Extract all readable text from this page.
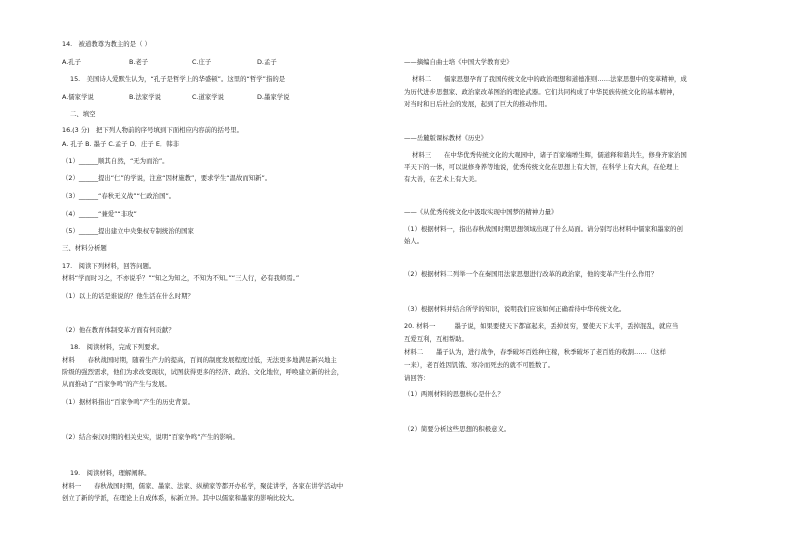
14.　被道教尊为教主的是（ ）
A.孔子	B.老子	C.庄子	D.孟子
15.　美国诗人爱默生认为，“孔子是哲学上的华盛顿”。这里的“哲学”指的是
A.儒家学说	B.法家学说	C.道家学说	D.墨家学说
二、填空
16.(3 分)　把下列人物前的序号填到下面相应内容前的括号里。
A. 孔子 B. 墨子 C.孟子 D．庄子 E．韩非
（1）______顺其自然，“无为而治”。
（2）______提出“仁”的学说，注意“因材施教”，要求学生“温故而知新”。
（3）______“春秋无义战”“仁政治国”。
（4）______“兼爱”“非攻”
（5）______提出建立中央集权专制统治的国家
三、材料分析题
17.　阅读下列材料，回答问题。
材料“学而时习之，不亦说乎？”“知之为知之，不知为不知。”“三人行，必有我师焉。”
（1）以上的话是谁说的？他生活在什么时期？
（2）他在教育体制变革方面有何贡献？
18.　阅读材料，完成下列要求。
材料　　春秋战国时期，随着生产力的提高，百间的制度发展程度过低，无法更多地满足新兴地主
阶级的强烈需求，他们为求改变现状，试图获得更多的经济、政治、文化地位，呼唤建立新的社会，
从而推动了“百家争鸣”的产生与发展。
（1）据材料指出“百家争鸣”产生的历史背景。
（2）结合秦汉时期的相关史实，说明“百家争鸣”产生的影响。
19.　阅读材料，理解阐释。
材料一　　春秋战国时期，儒家、墨家、法家、纵横家等都开办私学，聚徒讲学，各家在讲学活动中
创立了新的学派，在理论上自成体系，标新立异。其中以儒家和墨家的影响比较大。
——摘编自曲士培《中国大学教育史》
材料二　　儒家思想孕育了我国传统文化中的政治理想和道德准则……法家思想中的变革精神，成
为历代进步思想家、政治家改革图治的理论武器。它们共同构成了中华民族传统文化的基本精神，
对当时和日后社会的发展，起到了巨大的推动作用。
——岳麓版课标教材《历史》
材料三　　在中华优秀传统文化的大观园中，诸子百家端增生辉，儒道释和谐共生，修身齐家治国
平天下的一体，可以说修身养等地说，优秀传统文化在思想上有大智，在科学上有大真，在伦理上
有大善，在艺术上有大美。
——《从优秀传统文化中汲取实现中国梦的精神力量》
（1）根据材料一，指出春秋战国时期思想领域出现了什么局面。请分别写出材料中儒家和墨家的创
始人。
（2）根据材料二列举一个在秦国用法家思想进行改革的政治家，他的变革产生什么作用？
（3）根据材料并结合所学的知识，说明我们应该如何正确看待中华传统文化。
20. 材料一　　　墨子说，如果要使天下都富起来，丢掉贫穷，要使天下太平，丢掉混乱，就应当
互爱互利，互相帮助。
材料二　　墨子认为，进行战争，春季破坏百姓种庄稼，秋季破坏了老百姓的收割……（这样
一来），老百姓因饥饿、寒冷而死去的就不可胜数了。
请回答：
（1）两则材料的思想核心是什么？
（2）简要分析这些思想的积极意义。
